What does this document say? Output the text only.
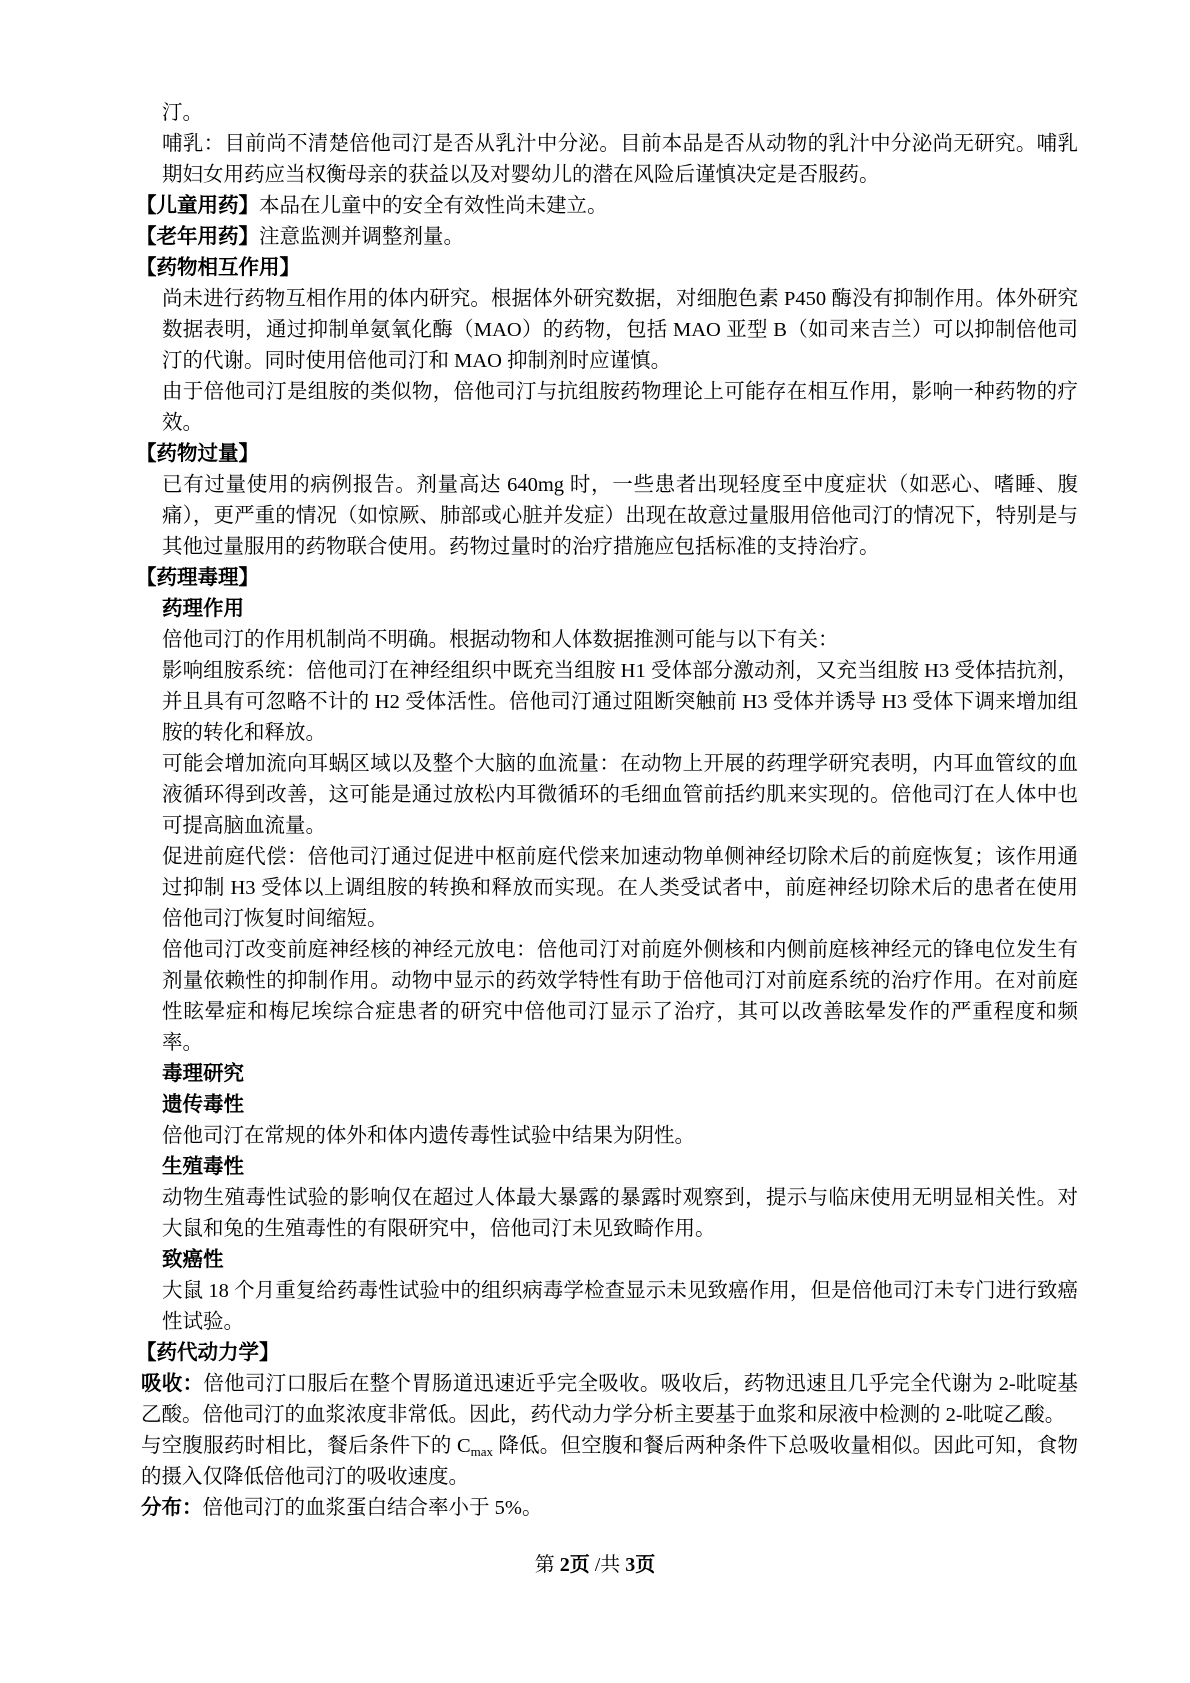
汀。

哺乳：目前尚不清楚倍他司汀是否从乳汁中分泌。目前本品是否从动物的乳汁中分泌尚无研究。哺乳期妇女用药应当权衡母亲的获益以及对婴幼儿的潜在风险后谨慎决定是否服药。

【儿童用药】本品在儿童中的安全有效性尚未建立。

【老年用药】注意监测并调整剂量。

【药物相互作用】

尚未进行药物互相作用的体内研究。根据体外研究数据，对细胞色素 P450 酶没有抑制作用。体外研究数据表明，通过抑制单氨氧化酶（MAO）的药物，包括 MAO 亚型 B（如司来吉兰）可以抑制倍他司汀的代谢。同时使用倍他司汀和 MAO 抑制剂时应谨慎。

由于倍他司汀是组胺的类似物，倍他司汀与抗组胺药物理论上可能存在相互作用，影响一种药物的疗效。

【药物过量】

已有过量使用的病例报告。剂量高达 640mg 时，一些患者出现轻度至中度症状（如恶心、嗜睡、腹痛），更严重的情况（如惊厥、肺部或心脏并发症）出现在故意过量服用倍他司汀的情况下，特别是与其他过量服用的药物联合使用。药物过量时的治疗措施应包括标准的支持治疗。

【药理毒理】

药理作用

倍他司汀的作用机制尚不明确。根据动物和人体数据推测可能与以下有关：

影响组胺系统：倍他司汀在神经组织中既充当组胺 H1 受体部分激动剂，又充当组胺 H3 受体拮抗剂，并且具有可忽略不计的 H2 受体活性。倍他司汀通过阻断突触前 H3 受体并诱导 H3 受体下调来增加组胺的转化和释放。

可能会增加流向耳蜗区域以及整个大脑的血流量：在动物上开展的药理学研究表明，内耳血管纹的血液循环得到改善，这可能是通过放松内耳微循环的毛细血管前括约肌来实现的。倍他司汀在人体中也可提高脑血流量。

促进前庭代偿：倍他司汀通过促进中枢前庭代偿来加速动物单侧神经切除术后的前庭恢复；该作用通过抑制 H3 受体以上调组胺的转换和释放而实现。在人类受试者中，前庭神经切除术后的患者在使用倍他司汀恢复时间缩短。

倍他司汀改变前庭神经核的神经元放电：倍他司汀对前庭外侧核和内侧前庭核神经元的锋电位发生有剂量依赖性的抑制作用。动物中显示的药效学特性有助于倍他司汀对前庭系统的治疗作用。在对前庭性眩晕症和梅尼埃综合症患者的研究中倍他司汀显示了治疗，其可以改善眩晕发作的严重程度和频率。

毒理研究

遗传毒性

倍他司汀在常规的体外和体内遗传毒性试验中结果为阴性。

生殖毒性

动物生殖毒性试验的影响仅在超过人体最大暴露的暴露时观察到，提示与临床使用无明显相关性。对大鼠和兔的生殖毒性的有限研究中，倍他司汀未见致畸作用。

致癌性

大鼠 18 个月重复给药毒性试验中的组织病毒学检查显示未见致癌作用，但是倍他司汀未专门进行致癌性试验。

【药代动力学】

吸收：倍他司汀口服后在整个胃肠道迅速近乎完全吸收。吸收后，药物迅速且几乎完全代谢为 2-吡啶基乙酸。倍他司汀的血浆浓度非常低。因此，药代动力学分析主要基于血浆和尿液中检测的 2-吡啶乙酸。

与空腹服药时相比，餐后条件下的 $C_{max}$ 降低。但空腹和餐后两种条件下总吸收量相似。因此可知，食物的摄入仅降低倍他司汀的吸收速度。

分布：倍他司汀的血浆蛋白结合率小于 5%。

第 2页 /共 3页
